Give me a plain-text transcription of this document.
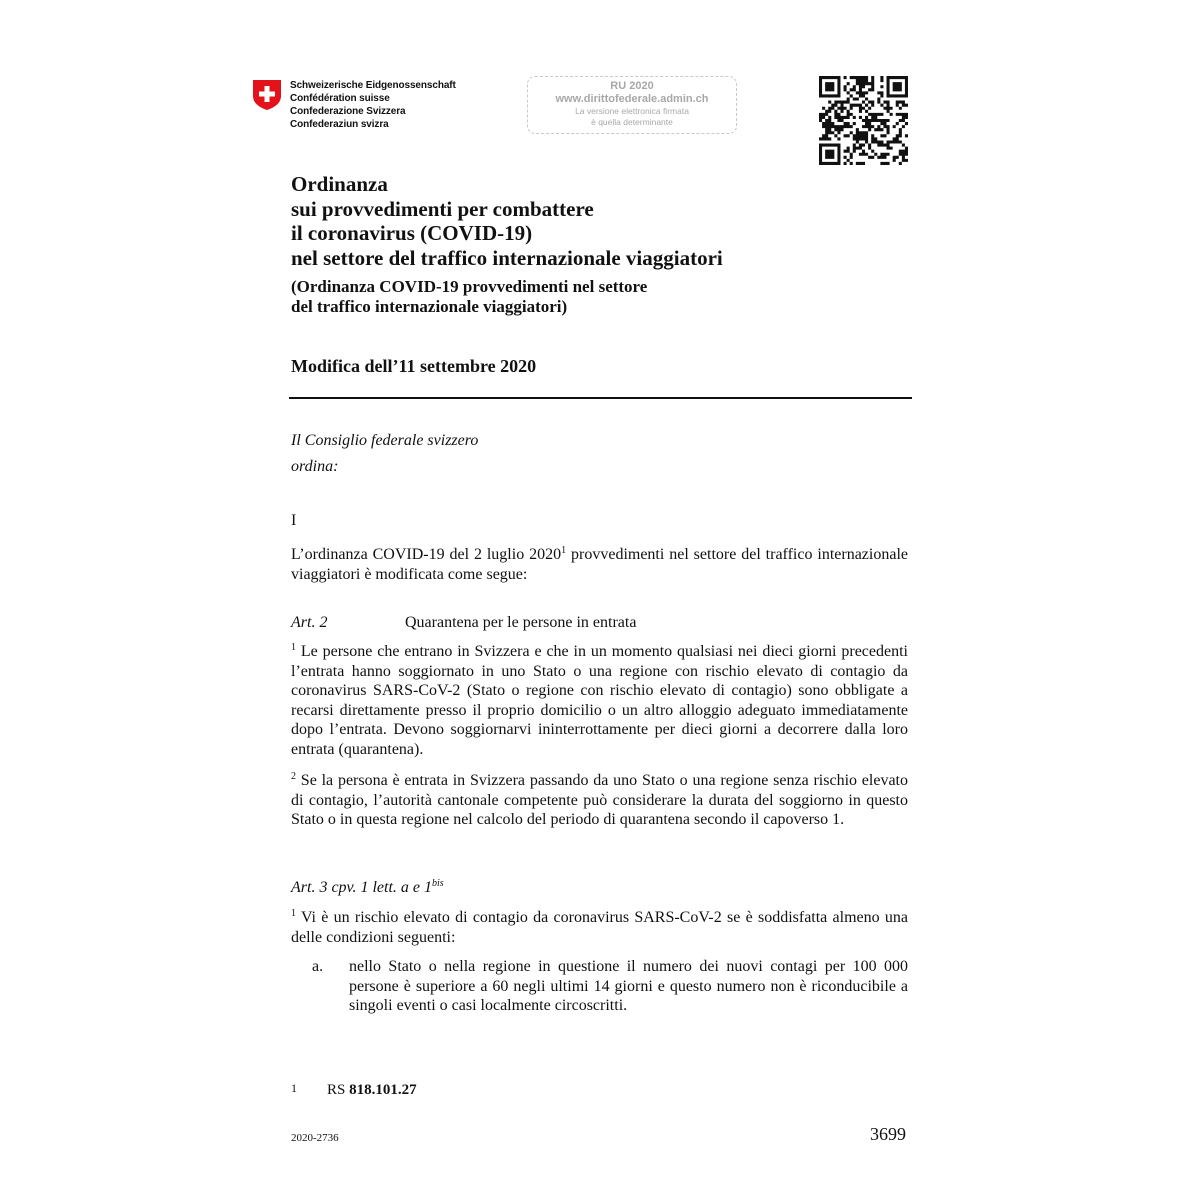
Schweizerische Eidgenossenschaft
Confédération suisse
Confederazione Svizzera
Confederaziun svizra
RU 2020
www.dirittofederale.admin.ch
La versione elettronica firmata
è quella determinante
Ordinanza
sui provvedimenti per combattere
il coronavirus (COVID-19)
nel settore del traffico internazionale viaggiatori
(Ordinanza COVID-19 provvedimenti nel settore
del traffico internazionale viaggiatori)
Modifica dell’11 settembre 2020
Il Consiglio federale svizzero
ordina:
I
L’ordinanza COVID-19 del 2 luglio 2020$^1$ provvedimenti nel settore del traffico internazionale viaggiatori è modificata come segue:
Art. 2	Quarantena per le persone in entrata
$^1$ Le persone che entrano in Svizzera e che in un momento qualsiasi nei dieci giorni precedenti l’entrata hanno soggiornato in uno Stato o una regione con rischio elevato di contagio da coronavirus SARS-CoV-2 (Stato o regione con rischio elevato di contagio) sono obbligate a recarsi direttamente presso il proprio domicilio o un altro alloggio adeguato immediatamente dopo l’entrata. Devono soggiornarvi ininterrottamente per dieci giorni a decorrere dalla loro entrata (quarantena).
$^2$ Se la persona è entrata in Svizzera passando da uno Stato o una regione senza rischio elevato di contagio, l’autorità cantonale competente può considerare la durata del soggiorno in questo Stato o in questa regione nel calcolo del periodo di quarantena secondo il capoverso 1.
Art. 3 cpv. 1 lett. a e $1^{bis}$
$^1$ Vi è un rischio elevato di contagio da coronavirus SARS-CoV-2 se è soddisfatta almeno una delle condizioni seguenti:
a. nello Stato o nella regione in questione il numero dei nuovi contagi per 100 000 persone è superiore a 60 negli ultimi 14 giorni e questo numero non è riconducibile a singoli eventi o casi localmente circoscritti.
1 RS 818.101.27
2020-2736	3699
